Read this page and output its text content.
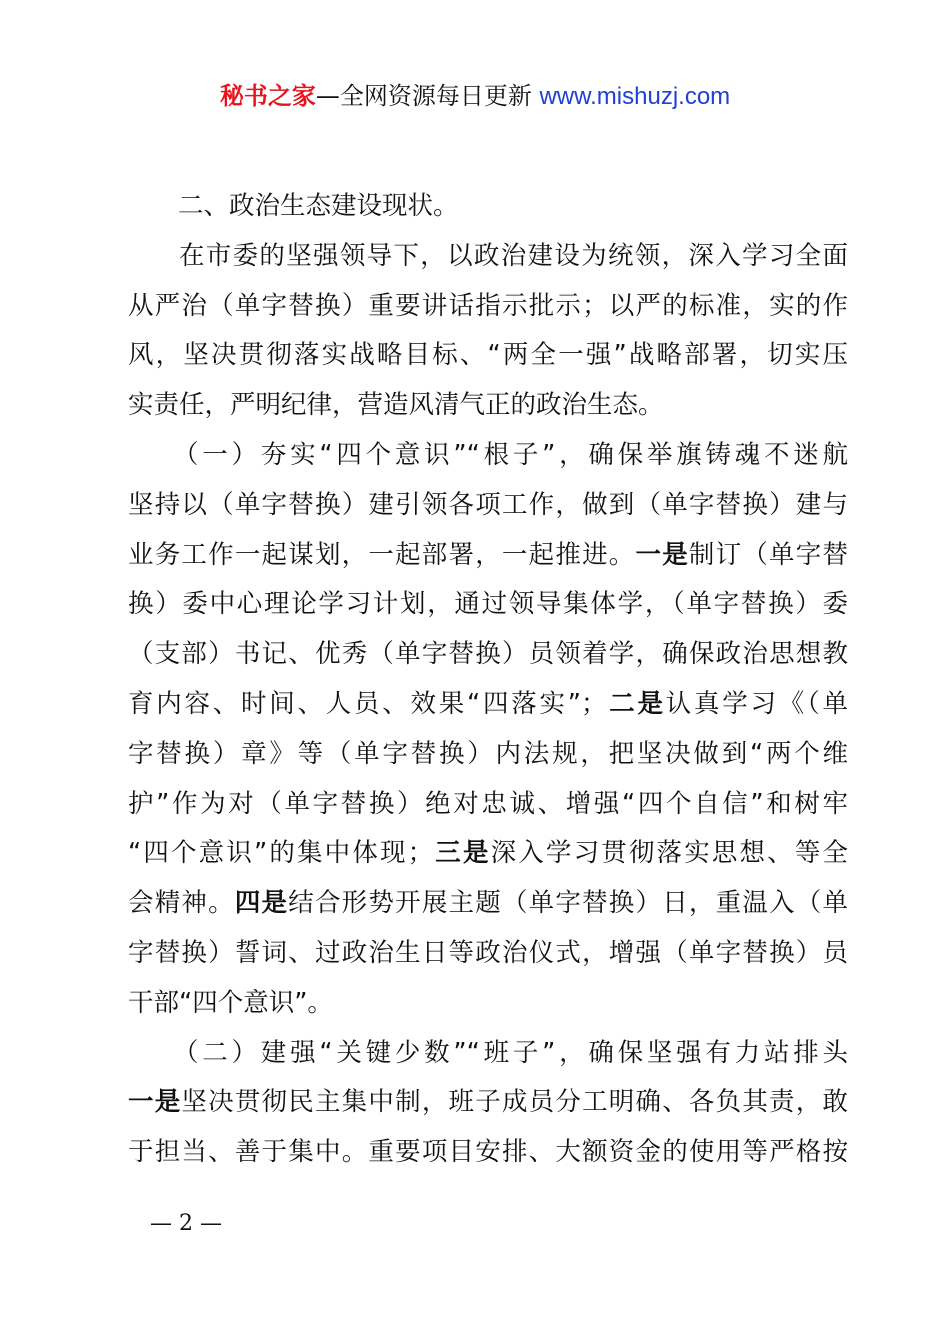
秘书之家—全网资源每日更新 www.mishuzj.com
二、政治生态建设现状。
在市委的坚强领导下，以政治建设为统领，深入学习全面
从严治（单字替换）重要讲话指示批示；以严的标准，实的作
风，坚决贯彻落实战略目标、“两全一强”战略部署，切实压
实责任，严明纪律，营造风清气正的政治生态。
（一）夯实“四个意识”“根子”，确保举旗铸魂不迷航
坚持以（单字替换）建引领各项工作，做到（单字替换）建与
业务工作一起谋划，一起部署，一起推进。一是制订（单字替
换）委中心理论学习计划，通过领导集体学，（单字替换）委
（支部）书记、优秀（单字替换）员领着学，确保政治思想教
育内容、时间、人员、效果“四落实”；二是认真学习《（单
字替换）章》等（单字替换）内法规，把坚决做到“两个维
护”作为对（单字替换）绝对忠诚、增强“四个自信”和树牢
“四个意识”的集中体现；三是深入学习贯彻落实思想、等全
会精神。四是结合形势开展主题（单字替换）日，重温入（单
字替换）誓词、过政治生日等政治仪式，增强（单字替换）员
干部“四个意识”。
（二）建强“关键少数”“班子”，确保坚强有力站排头
一是坚决贯彻民主集中制，班子成员分工明确、各负其责，敢
于担当、善于集中。重要项目安排、大额资金的使用等严格按
— 2 —
